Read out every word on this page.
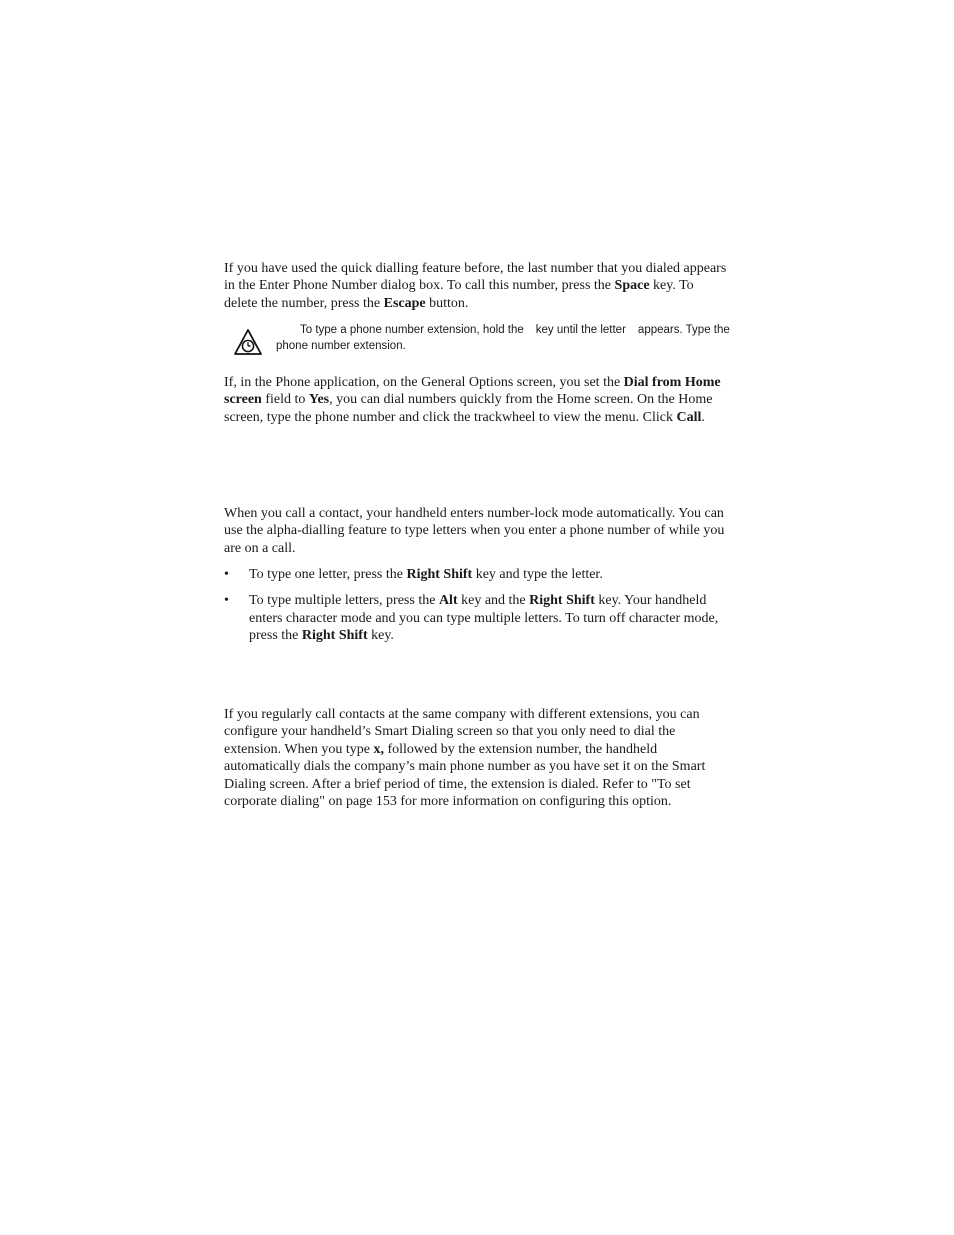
If you have used the quick dialling feature before, the last number that you dialed appears in the Enter Phone Number dialog box. To call this number, press the Space key. To delete the number, press the Escape button.

To type a phone number extension, hold the key until the letter appears. Type the phone number extension.

If, in the Phone application, on the General Options screen, you set the Dial from Home screen field to Yes, you can dial numbers quickly from the Home screen. On the Home screen, type the phone number and click the trackwheel to view the menu. Click Call.

When you call a contact, your handheld enters number-lock mode automatically. You can use the alpha-dialling feature to type letters when you enter a phone number of while you are on a call.

• To type one letter, press the Right Shift key and type the letter.
• To type multiple letters, press the Alt key and the Right Shift key. Your handheld enters character mode and you can type multiple letters. To turn off character mode, press the Right Shift key.

If you regularly call contacts at the same company with different extensions, you can configure your handheld’s Smart Dialing screen so that you only need to dial the extension. When you type x, followed by the extension number, the handheld automatically dials the company’s main phone number as you have set it on the Smart Dialing screen. After a brief period of time, the extension is dialed. Refer to "To set corporate dialing" on page 153 for more information on configuring this option.
